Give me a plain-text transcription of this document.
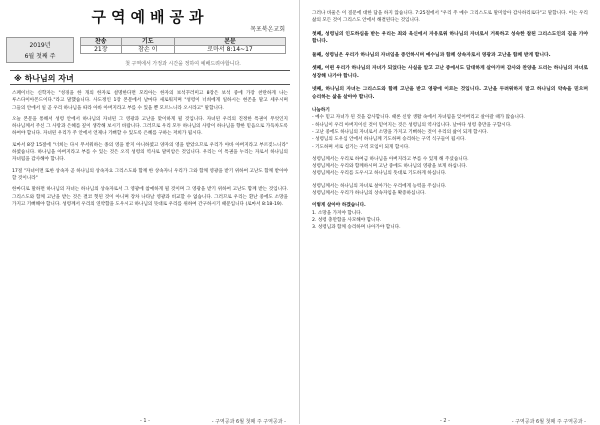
구역예배공과
목포북온교회
2019년
6월 첫째 주
찬송	기도	본문
21장	참손 이	로마서 8:14~17
첫 구역에서 가정과 시간을 정하여 예배드려야합니다.
※ 하나님의 자녀

스페이너는 신학자는 "성경을 한 개의 한자로 설명한다면 모리아는 한자의 보석꾸러미고 8장은 보석 중에 가장 찬란하게 나는 루스다이아몬드이다."라고 말했습니다. 사도정인 1장 본문에서 날마다 새로워지며 "성령이 너희에게 일하시는 현존을 말고 세우시며 그들의 안에서 일 곧 우리 하나님을 따라 아바 아버지라고 부를 수 있을 뿐 모르느니라 오시라고" 말합니다.

오늘 본문을 통해서 성령 안에서 하나님의 자녀된 그 영광과 고난을 맞이하게 될 것입니다. 자녀된 우리의 진정한 특권이 무엇인지 하나님께서 주신 그 사랑과 은혜를 깊이 생각해 보시기 바랍니다. 그러므로 우리 모두 하나님의 사랑이 하나님을 향한 믿음으로 가득차도록 하여야 합니다. 자녀된 우리가 주 안에서 언제나 기뻐할 수 있도록 은혜를 구하는 저희가 됩시다.

로마서 8장 15절에 "너희는 다시 무서워하는 종의 영을 받지 아니하였고 양자의 영을 받았으므로 우리가 아바 아버지라고 부르짖느니라" 하였습니다. 하나님을 아버지라고 부를 수 있는 것은 오직 성령의 역사로 말미암은 것입니다. 우리는 이 특권을 누리는 자로서 하나님의 자녀됨을 감사해야 합니다.

17절 "자녀이면 또한 상속자 곧 하나님의 상속자요 그리스도와 함께 한 상속자니 우리가 그와 함께 영광을 받기 위하여 고난도 함께 받아야 할 것이니라"

한마디로 말하면 하나님의 자녀는 하나님의 상속자로서 그 영광에 참예하게 될 것이며 그 영광을 받기 위하여 고난도 함께 받는 것입니다. 그리스도와 함께 고난을 받는 것은 결코 헛된 것이 아니며 장차 나타날 영광과 비교할 수 없습니다. 그러므로 우리는 환난 중에도 소망을 가지고 기뻐해야 합니다. 성령께서 우리의 연약함을 도우시고 하나님의 뜻대로 우리를 위하여 간구하시기 때문입니다 (로마서 8:18-19).

- 1 -	- 구역공과 6월 첫째 주 구역공과 -

그러나 바울은 이 질문에 대한 답을 하지 않습니다. 7:25절에서 "우리 주 예수 그리스도로 말미암아 감사하리로다"고 말합니다. 이는 우리 삶의 모든 것이 그리스도 안에서 해결된다는 것입니다.

첫째, 성령님의 인도하심을 받는 우리는 죄와 육신에서 자유로워 하나님의 자녀로서 거룩하고 성숙한 참된 그리스도인의 길을 가야 합니다.

둘째, 성령님은 우리가 하나님의 자녀임을 증언하시며 예수님과 함께 상속자로서 영광과 고난을 함께 받게 합니다.

셋째, 어떤 우리가 하나님의 자녀가 되었다는 사실을 알고 고난 중에서도 담대하게 살아가며 감사와 찬양을 드리는 하나님의 자녀로 성장해 나가야 합니다.

넷째, 하나님의 자녀는 그리스도와 함께 고난을 받고 영광에 이르는 것입니다. 고난을 두려워하지 말고 하나님의 약속을 믿으며 승리하는 삶을 살아야 합니다.

나눔하기
- 예수 믿고 자녀가 된 것을 감사합니다. 때론 신앙 생활 속에서 자녀됨을 잊어버리고 살아갈 때가 많습니다.
- 하나님이 우리 아버지이신 것이 믿어지는 것은 성령님의 역사입니다. 날마다 성령 충만을 구합시다.
- 고난 중에도 하나님의 자녀로서 소망을 가지고 기뻐하는 것이 우리의 삶이 되게 합시다.
- 성령님의 도우심 안에서 하나님께 기도하며 승리하는 구역 식구들이 됩시다.
- 기도하며 서로 섬기는 구역 모임이 되게 합시다.
성령님께서는 우리로 하여금 하나님을 아버지라고 부를 수 있게 해 주셨습니다.
성령님께서는 우리와 함께하시며 고난 중에도 하나님의 영광을 보게 하십니다.
성령님께서는 우리를 도우시고 하나님의 뜻대로 기도하게 하십니다.
성령님께서는 하나님의 자녀로 살아가는 우리에게 능력을 주십니다.
성령님께서는 우리가 하나님의 상속자임을 확증하십니다.
이렇게 살아야 하겠습니다.
1. 소망을 가져야 합니다.
2. 성령 충만함을 사모해야 합니다.
3. 성령님과 함께 승리하며 나아가야 합니다.
- 2 -	- 구역공과 6월 첫째 주 구역공과 -
